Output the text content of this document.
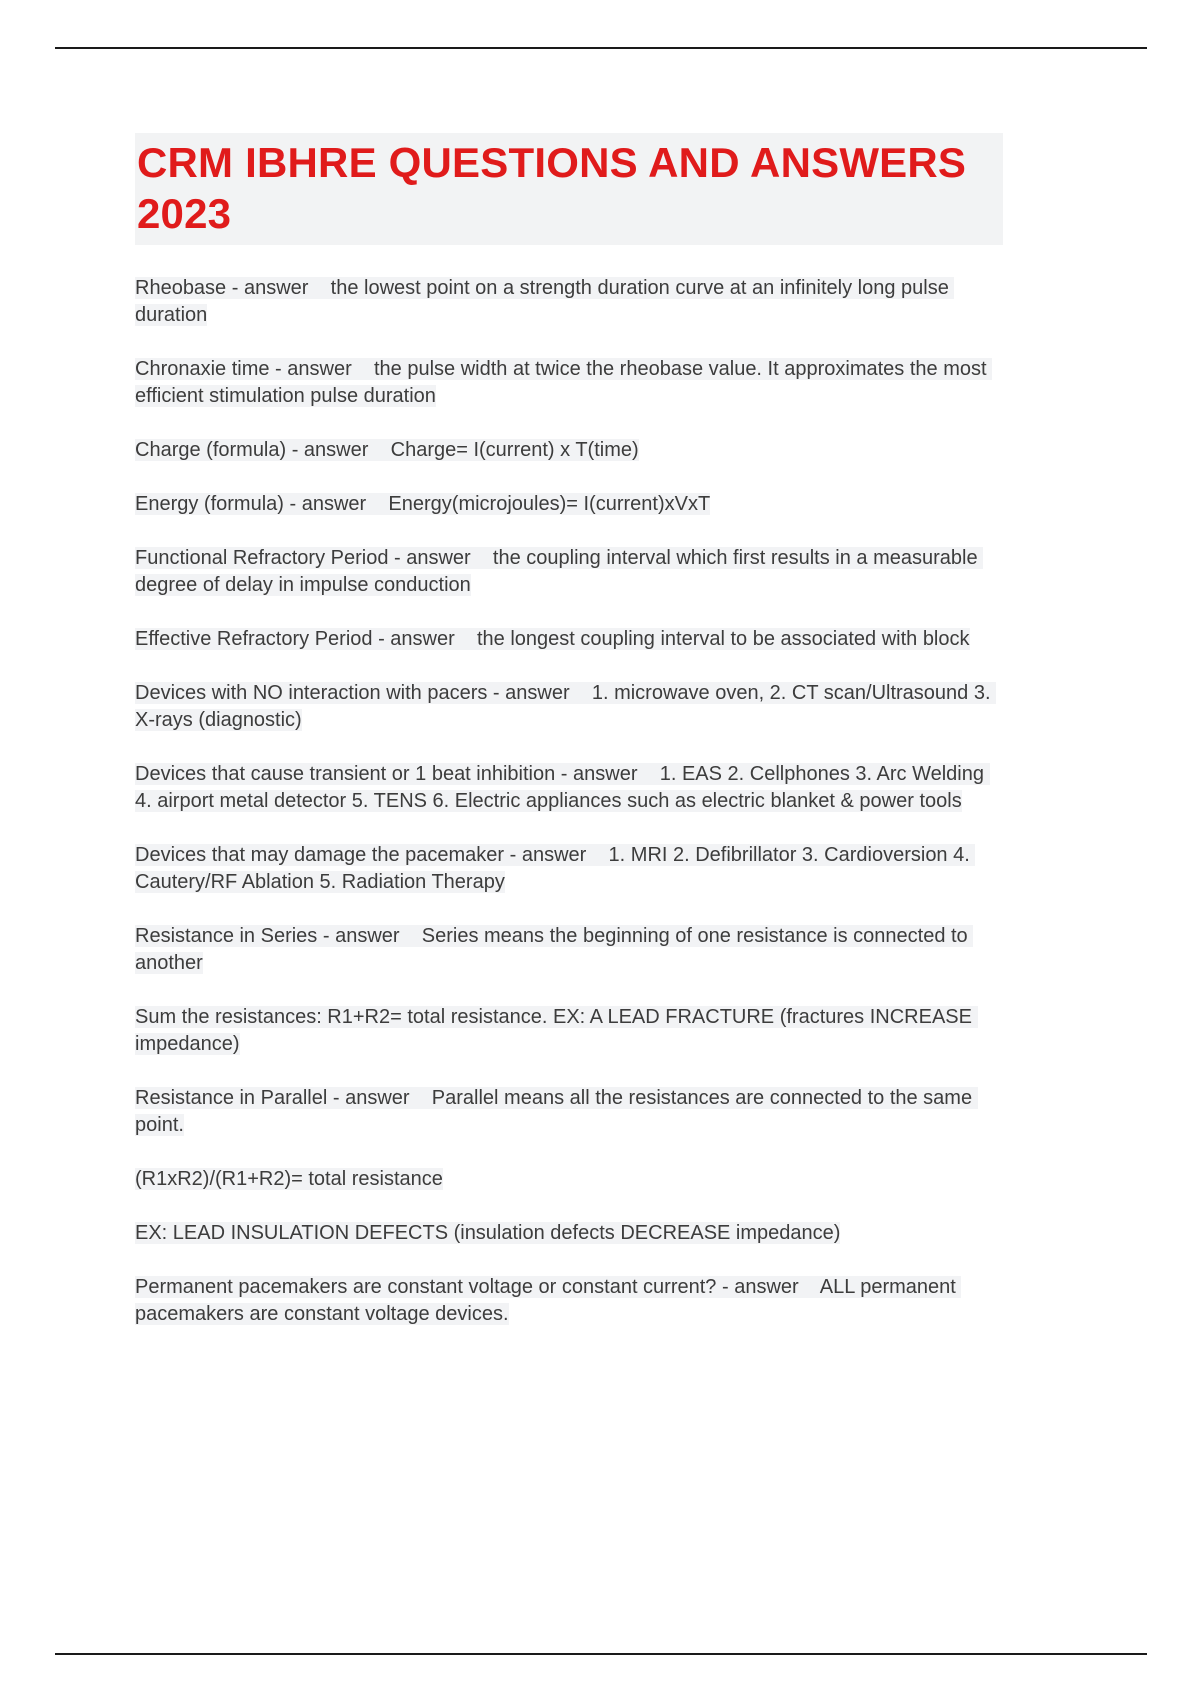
CRM IBHRE QUESTIONS AND ANSWERS 2023

Rheobase - answer    the lowest point on a strength duration curve at an infinitely long pulse duration

Chronaxie time - answer    the pulse width at twice the rheobase value. It approximates the most efficient stimulation pulse duration

Charge (formula) - answer    Charge= I(current) x T(time)

Energy (formula) - answer    Energy(microjoules)= I(current)xVxT

Functional Refractory Period - answer    the coupling interval which first results in a measurable degree of delay in impulse conduction

Effective Refractory Period - answer    the longest coupling interval to be associated with block

Devices with NO interaction with pacers - answer    1. microwave oven, 2. CT scan/Ultrasound 3. X-rays (diagnostic)

Devices that cause transient or 1 beat inhibition - answer    1. EAS 2. Cellphones 3. Arc Welding 4. airport metal detector 5. TENS 6. Electric appliances such as electric blanket & power tools

Devices that may damage the pacemaker - answer    1. MRI 2. Defibrillator 3. Cardioversion 4. Cautery/RF Ablation 5. Radiation Therapy

Resistance in Series - answer    Series means the beginning of one resistance is connected to another

Sum the resistances: R1+R2= total resistance. EX: A LEAD FRACTURE (fractures INCREASE impedance)

Resistance in Parallel - answer    Parallel means all the resistances are connected to the same point.

(R1xR2)/(R1+R2)= total resistance

EX: LEAD INSULATION DEFECTS (insulation defects DECREASE impedance)

Permanent pacemakers are constant voltage or constant current? - answer    ALL permanent pacemakers are constant voltage devices.
